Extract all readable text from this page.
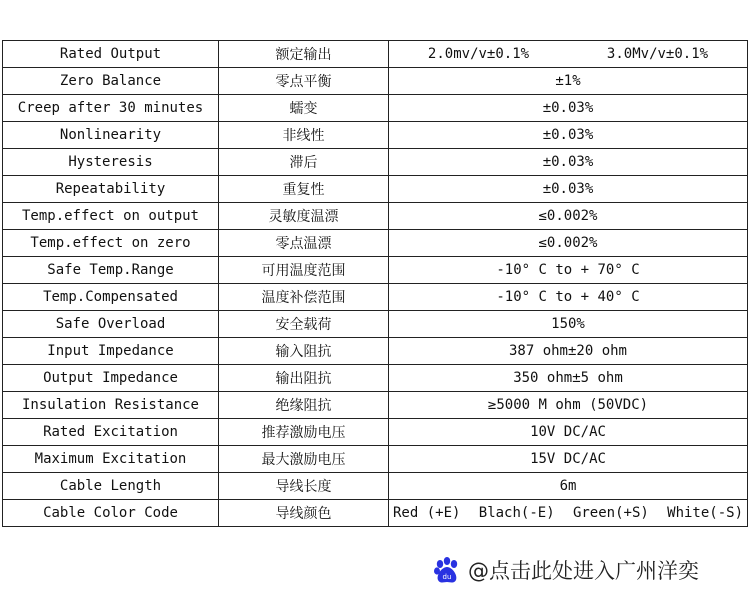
Rated Output	额定输出	2.0mv/v±0.1% 3.0Mv/v±0.1%

Zero Balance	零点平衡	±1%
Creep after 30 minutes	蠕变	±0.03%
Nonlinearity	非线性	±0.03%
Hysteresis	滞后	±0.03%
Repeatability	重复性	±0.03%
Temp.effect on output	灵敏度温漂	≤0.002%
Temp.effect on zero	零点温漂	≤0.002%
Safe Temp.Range	可用温度范围	-10° C to + 70° C
Temp.Compensated	温度补偿范围	-10° C to + 40° C
Safe Overload	安全载荷	150%
Input Impedance	输入阻抗	387 ohm±20 ohm
Output Impedance	输出阻抗	350 ohm±5 ohm
Insulation Resistance	绝缘阻抗	≥5000 M ohm (50VDC)
Rated Excitation	推荐激励电压	10V DC/AC
Maximum Excitation	最大激励电压	15V DC/AC
Cable Length	导线长度	6m
Cable Color Code	导线颜色	Red (+E) Blach(-E) Green(+S) White(-S)
du @点击此处进入广州洋奕
